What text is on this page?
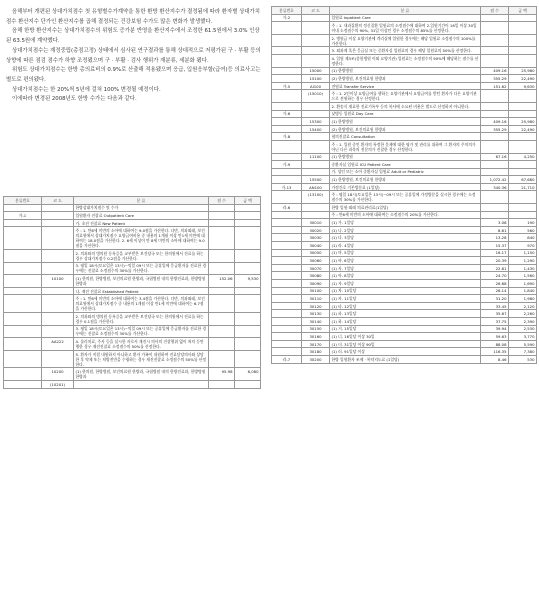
음해부터 개편된 상대가치점수 첫 유형별수가계약을 통한 환방 환산지수가 결정됨에 따라 환자별 상대가치점수 환산지수 단가인 환산지수를 곱해 결정되는 건강보험 수가도 많은 변화가 발생했다.

음해 한방 환산지수는 상대가치점수의 위험도 증가분 반영을 환산지수에서 조정한 61.5원에서 3.0% 인상된 63.5원에 계약했다.

상대가치점수는 재정중립(총점고정) 상태에서 심사된 연구결과를 통해 상대적으로 저평가된 구 · 부활 등의 상향에 따른 점검 점수가 하향 조정됐으며 구 · 부활 · 검사 행위가 재분류, 세분화 됐다.

위험도 상대가치점수는 한방 총의료비의 0.9%로 산출해 적용됐으며 응급, 입원응부할(급여)등 의료사고는 별도로 편의됐다.

상대가치점수는 한 20%씩 5년에 걸쳐 100% 변경될 예정이다.

이에따라 변경된 2008년도 한방 수가는 다음과 같다.

분류번호	코 드	분 류	점 수	금 액
		한방상대가치점수 및 수가		
가-1		입원환자 진찰료 Outpatient Care		
		가. 초진 진찰료 New Patient		
		주 : 1. 만6세 미만의 소아에 대하여는 9.0점을 가산한다. 다만, 의과외래, 보건의료원에서 상대가치점수 요양급여비용 중 내용의 1개월 이상 만1세 미만에 대하여는 18.0점을 가산한다. 2. 6세 이상이 만 8세 미만의 소아에 대하여는 9.0점을 가산한다.		
		2. 의과와의 병의원 동록증을 교부받은 보건당국 또는 한의원에서 진료를 하는 경우 상대가치점수 0.2점을 가산한다.		
		3. 평일 18시(토요일은 13시)~익일 09시 또는 공휴일에 응급환자를 진료한 경우에는 진찰료 소정점수의 30%를 가산한다.		
	10100	(1) 한의원, 한방병원, 보건의료원 한방과, 국립병원 내의 한방진료과, 한방병원 한방과	152.06	9,530
		나. 재진 진찰료 Established Patient		
		주 : 1. 만6세 미만의 소아에 대하여는 3.4점을 가산한다. 다만, 의과외래, 보건의료원에서 상대가치점수 중 내용의 1개월 이상 만1세 미만에 대하여는 6.7점을 가산한다.		
		2. 의과와의 병의원 동록증을 교부받은 보건당국 또는 한의원에서 진료를 하는 경우 0.1점을 가산한다.		
		3. 평일 18시(토요일은 13시)~익일 09시 또는 공휴일에 응급환자를 진료한 경우에는 진찰료 소정점수의 30%를 가산한다.		
	AA222	4. 물리치료, 주사 등을 실시한 자로서 재진시 의사의 진찰행위 없이 처치 등만 행한 경우 재진진찰료 소정점수의 50%를 산정한다.		
		5. 환자가 직접 내원하지 아니하고 환자 가족이 내원하여 진료담당의사와 상담한 후 약제 또는 처방전만을 수령하는 경우 재진진찰료 소정점수의 50%를 산정한다.		
	10200	(1) 한의원, 한방병원, 보건의료원 한방과, 국립병원 내의 한방진료과, 한방병원 한방과	95.98	6,080
	(10201)			
분류번호	코 드	분 류	점 수	금 액
가-2		입원료 Inpatient Care		
		주 : 1. 내과질환의 정신질환 입원료의 소정점수에 대하여 2.입원기간이 16일 이상 30일 이내 소정점수의 90%, 31일 이상인 경우 소정점수의 85%를 산정한다.		
		2. 병원급 이상 요양기관에 격리실에 입원한 경우에는 해당 입원료 소정점수의 100%를 가산한다.		
		3. 외과계 혹은 응급실 또는 중환자실 입원료의 경우 해당 입원료의 50%를 산정한다.		
		4. 입원 제3조(종합병원 이외 요양기관) 입원료는 소정점수의 90%에 해당하는 점수를 산정한다.		
	15000	(1) 한방병원	409.16	25,980
	15100	(2) 한방병원, 보건의료원 한방과	355.29	22,490
가-5	AI100	전원료 Transfer Service	151.62	9,630
	(15010)	주 : 1. 2인이상 요양급여를 행하는 요양기관에서 요양급여를 받던 환자가 다른 요양기관으로 전원하는 경우 산정한다.		
		2. 환송식 재료한 진료기록부 등의 복사에 소요된 비용은 별도로 산정하지 아니한다.		
가-6		낮병동 입원료 Day Care		
	15300	(1) 한방병원	409.16	25,980
	15400	(2) 한방병원, 보건의료원 한방과	355.29	22,490
가-8		협의진찰료 Consultation		
		주 : 1. 입원 중인 환자의 특정한 문제에 대한 평가 및 관리를 위하여 그 환자의 주치의가 아닌 다른 과목의 전문의가 진찰한 경우 산정한다.		
	11100	(1) 한방병원	67.16	4,250
가-9		중환자실 입원료 ICU Patient Care		
		가. 성인 또는 소아 중환자실 입원료 Adult or Pediatric		
	15500	(1) 한방병원, 보건의료원 한방과	1,072.42	67,680
가-13	AN100	가정간호 기본방문료 (1일당)	340.36	21,710
	(13100)	주 : 평일 18시(토요일은 13시)~09시 또는 공휴일에 가정방문을 실시한 경우에는 소정점수의 30%를 가산한다.		
라-6		한방 입원·외래 의료관리료(1일당)		
		주 : 만6세 미만의 소아에 대하여는 소정점수의 20%를 가산한다.		
	30010	(1) 가. 1일당	3.08	190
	30020	(1) 나. 2일당	8.61	560
	30030	(1) 다. 3일당	13.28	840
	30040	(1) 라. 4일당	15.37	970
	30050	(1) 마. 5일당	16.17	1,150
	30060	(1) 바. 6일당	20.39	1,290
	30070	(1) 사. 7일당	22.61	1,430
	30080	(1) 아. 8일당	24.70	1,560
	30090	(1) 자. 9일당	26.68	1,690
	30100	(1) 차. 10일당	28.14	1,840
	30110	(1) 카. 11일당	31.20	1,980
	30120	(1) 타. 12일당	33.45	2,120
	30130	(1) 파. 13일당	35.67	2,260
	30140	(1) 하. 14일당	37.75	2,390
	30150	(1) 거. 15일당	39.94	2,530
	30160	(1) 너. 16일당 이상 30일	59.63	3,770
	30170	(1) 더. 31일당 이상 90일	88.08	5,590
	30180	(1) 러. 91일당 이상	116.35	7,380
라-7	30200	한방 입원환자 조제 · 복약지도료 (1일당)	8.46	530
